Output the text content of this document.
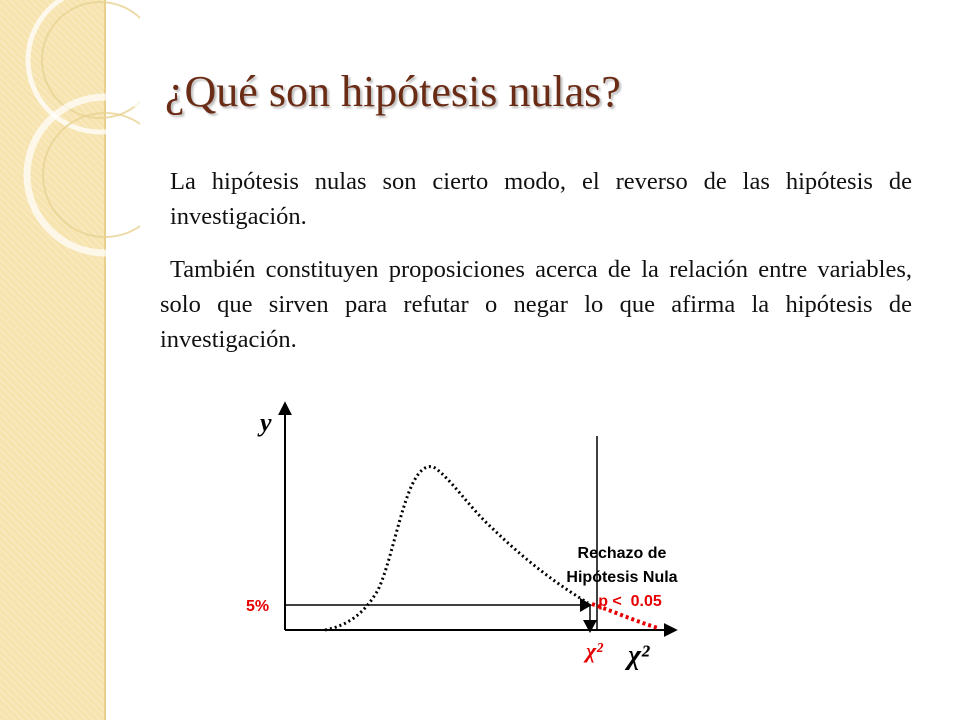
¿Qué son hipótesis nulas?

La hipótesis nulas son cierto modo, el reverso de las hipótesis de investigación.

También constituyen proposiciones acerca de la relación entre variables, solo que sirven para refutar o negar lo que afirma la hipótesis de investigación.

y
5%
Rechazo de
Hipótesis Nula
p <  0.05
χ² χ²
